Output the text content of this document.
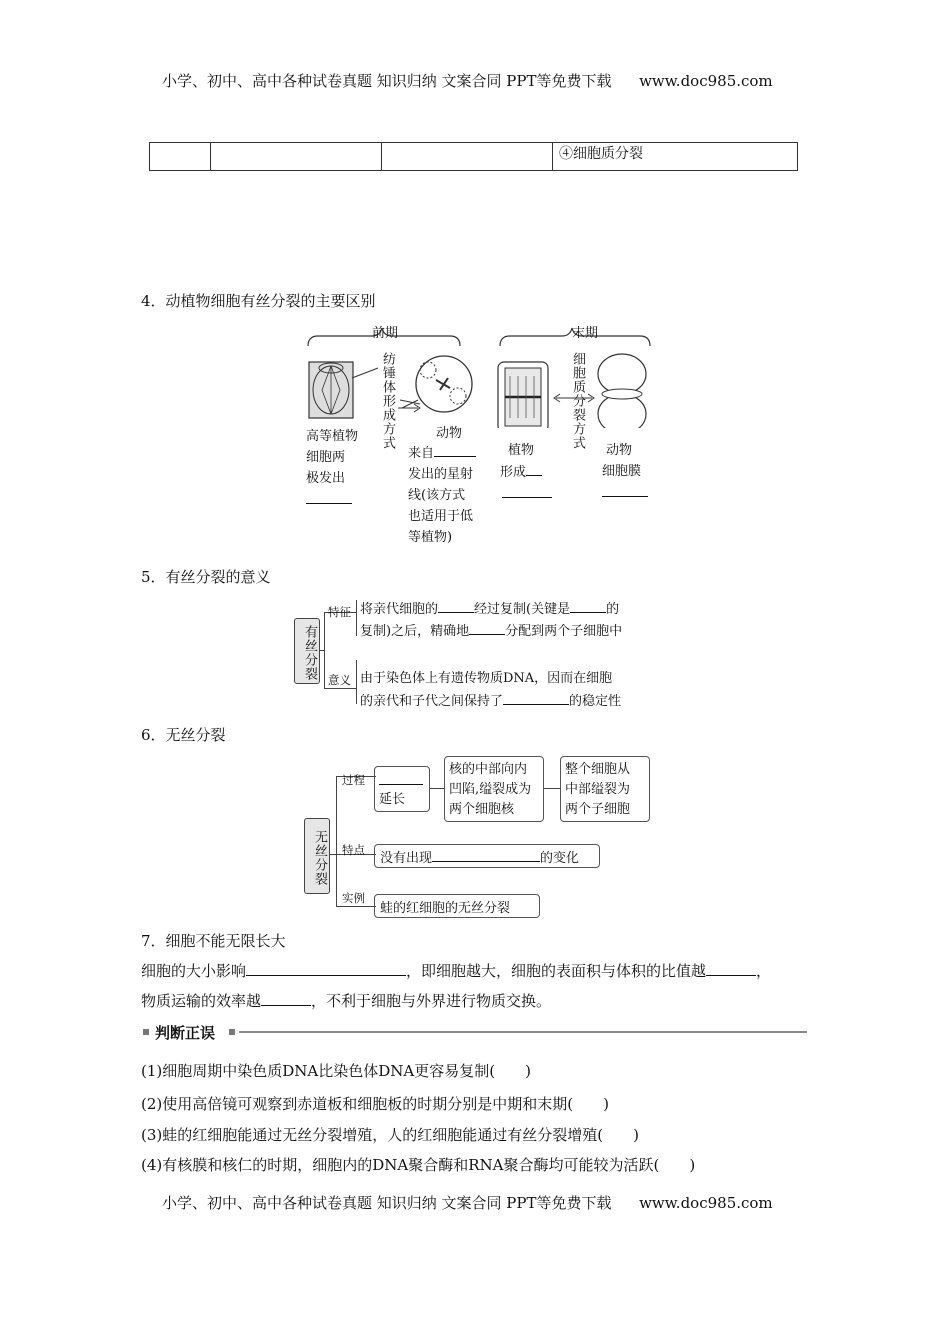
小学、初中、高中各种试卷真题 知识归纳 文案合同 PPT等免费下载 www.doc985.com
			④细胞质分裂
4．动植物细胞有丝分裂的主要区别
前期	末期
纺锤体形成方式	细胞质分裂方式
高等植物
细胞两
极发出
动物
来自
发出的星射
线(该方式
也适用于低
等植物)
植物
形成
动物
细胞膜
5．有丝分裂的意义
有丝分裂
特征
意义
将亲代细胞的	经过复制(关键是	的
复制)之后，精确地	分配到两个子细胞中
由于染色体上有遗传物质DNA，因而在细胞
的亲代和子代之间保持了	的稳定性
6．无丝分裂
无丝分裂
过程
特点
实例
延长
核的中部向内
凹陷,缢裂成为
两个细胞核
整个细胞从
中部缢裂为
两个子细胞
没有出现	的变化
蛙的红细胞的无丝分裂
7．细胞不能无限长大
细胞的大小影响	，即细胞越大，细胞的表面积与体积的比值越	，
物质运输的效率越	，不利于细胞与外界进行物质交换。
判断正误
(1)细胞周期中染色质DNA比染色体DNA更容易复制(　　)
(2)使用高倍镜可观察到赤道板和细胞板的时期分别是中期和末期(　　)
(3)蛙的红细胞能通过无丝分裂增殖，人的红细胞能通过有丝分裂增殖(　　)
(4)有核膜和核仁的时期，细胞内的DNA聚合酶和RNA聚合酶均可能较为活跃(　　)
小学、初中、高中各种试卷真题 知识归纳 文案合同 PPT等免费下载 www.doc985.com
